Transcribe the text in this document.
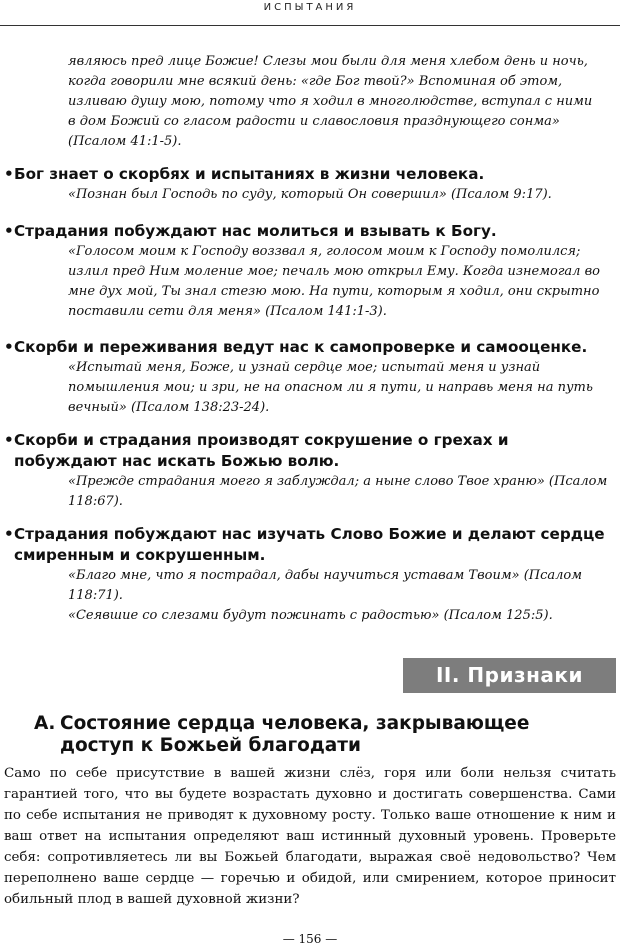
ИСПЫТАНИЯ
являюсь пред лице Божие! Слезы мои были для меня хлебом день и ночь, когда говорили мне всякий день: «где Бог твой?» Вспоминая об этом, изливаю душу мою, потому что я ходил в многолюдстве, вступал с ними в дом Божий со гласом радости и славословия празднующего сонма» (Псалом 41:1-5).
• Бог знает о скорбях и испытаниях в жизни человека.
«Познан был Господь по суду, который Он совершил» (Псалом 9:17).
• Страдания побуждают нас молиться и взывать к Богу.
«Голосом моим к Господу воззвал я, голосом моим к Господу помолился; излил пред Ним моление мое; печаль мою открыл Ему. Когда изнемогал во мне дух мой, Ты знал стезю мою. На пути, которым я ходил, они скрытно поставили сети для меня» (Псалом 141:1-3).
• Скорби и переживания ведут нас к самопроверке и самооценке.
«Испытай меня, Боже, и узнай сердце мое; испытай меня и узнай помышления мои; и зри, не на опасном ли я пути, и направь меня на путь вечный» (Псалом 138:23-24).
• Скорби и страдания производят сокрушение о грехах и побуждают нас искать Божью волю.
«Прежде страдания моего я заблуждал; а ныне слово Твое храню» (Псалом 118:67).
• Страдания побуждают нас изучать Слово Божие и делают сердце смиренным и сокрушенным.
«Благо мне, что я пострадал, дабы научиться уставам Твоим» (Псалом 118:71).
«Сеявшие со слезами будут пожинать с радостью» (Псалом 125:5).
II. Признаки
А. Состояние сердца человека, закрывающее
доступ к Божьей благодати
Само по себе присутствие в вашей жизни слёз, горя или боли нельзя считать гарантией того, что вы будете возрастать духовно и достигать совершенства. Сами по себе испытания не приводят к духовному росту. Только ваше отношение к ним и ваш ответ на испытания определяют ваш истинный духовный уровень. Проверьте себя: сопротивляетесь ли вы Божьей благодати, выражая своё недовольство? Чем переполнено ваше сердце — горечью и обидой, или смирением, которое приносит обильный плод в вашей духовной жизни?
— 156 —
